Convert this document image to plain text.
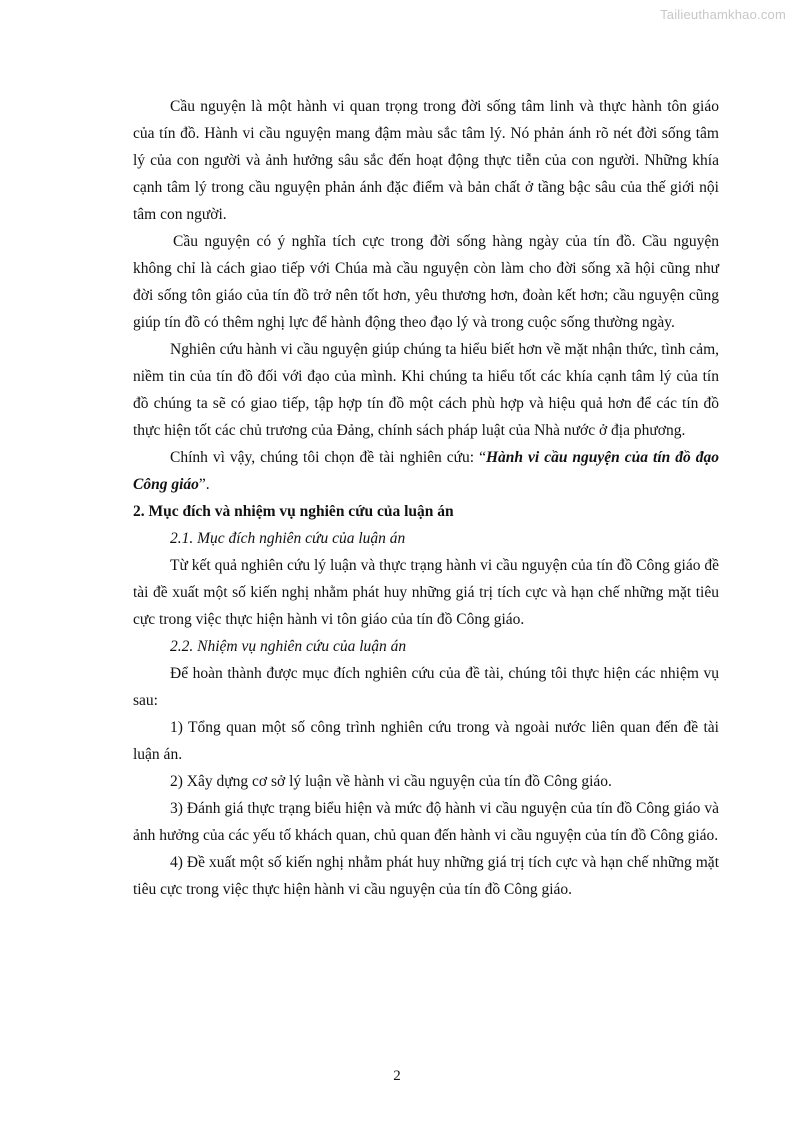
Tailieuthamkhao.com

Cầu nguyện là một hành vi quan trọng trong đời sống tâm linh và thực hành tôn giáo của tín đồ. Hành vi cầu nguyện mang đậm màu sắc tâm lý. Nó phản ánh rõ nét đời sống tâm lý của con người và ảnh hưởng sâu sắc đến hoạt động thực tiễn của con người. Những khía cạnh tâm lý trong cầu nguyện phản ánh đặc điểm và bản chất ở tầng bậc sâu của thế giới nội tâm con người.

Cầu nguyện có ý nghĩa tích cực trong đời sống hàng ngày của tín đồ. Cầu nguyện không chỉ là cách giao tiếp với Chúa mà cầu nguyện còn làm cho đời sống xã hội cũng như đời sống tôn giáo của tín đồ trở nên tốt hơn, yêu thương hơn, đoàn kết hơn; cầu nguyện cũng giúp tín đồ có thêm nghị lực để hành động theo đạo lý và trong cuộc sống thường ngày.

Nghiên cứu hành vi cầu nguyện giúp chúng ta hiểu biết hơn về mặt nhận thức, tình cảm, niềm tin của tín đồ đối với đạo của mình. Khi chúng ta hiểu tốt các khía cạnh tâm lý của tín đồ chúng ta sẽ có giao tiếp, tập hợp tín đồ một cách phù hợp và hiệu quả hơn để các tín đồ thực hiện tốt các chủ trương của Đảng, chính sách pháp luật của Nhà nước ở địa phương.

Chính vì vậy, chúng tôi chọn đề tài nghiên cứu: “Hành vi cầu nguyện của tín đồ đạo Công giáo”.

2. Mục đích và nhiệm vụ nghiên cứu của luận án

2.1. Mục đích nghiên cứu của luận án

Từ kết quả nghiên cứu lý luận và thực trạng hành vi cầu nguyện của tín đồ Công giáo đề tài đề xuất một số kiến nghị nhằm phát huy những giá trị tích cực và hạn chế những mặt tiêu cực trong việc thực hiện hành vi tôn giáo của tín đồ Công giáo.

2.2. Nhiệm vụ nghiên cứu của luận án

Để hoàn thành được mục đích nghiên cứu của đề tài, chúng tôi thực hiện các nhiệm vụ sau:

1) Tổng quan một số công trình nghiên cứu trong và ngoài nước liên quan đến đề tài luận án.

2) Xây dựng cơ sở lý luận về hành vi cầu nguyện của tín đồ Công giáo.

3) Đánh giá thực trạng biểu hiện và mức độ hành vi cầu nguyện của tín đồ Công giáo và ảnh hưởng của các yếu tố khách quan, chủ quan đến hành vi cầu nguyện của tín đồ Công giáo.

4) Đề xuất một số kiến nghị nhằm phát huy những giá trị tích cực và hạn chế những mặt tiêu cực trong việc thực hiện hành vi cầu nguyện của tín đồ Công giáo.

2
